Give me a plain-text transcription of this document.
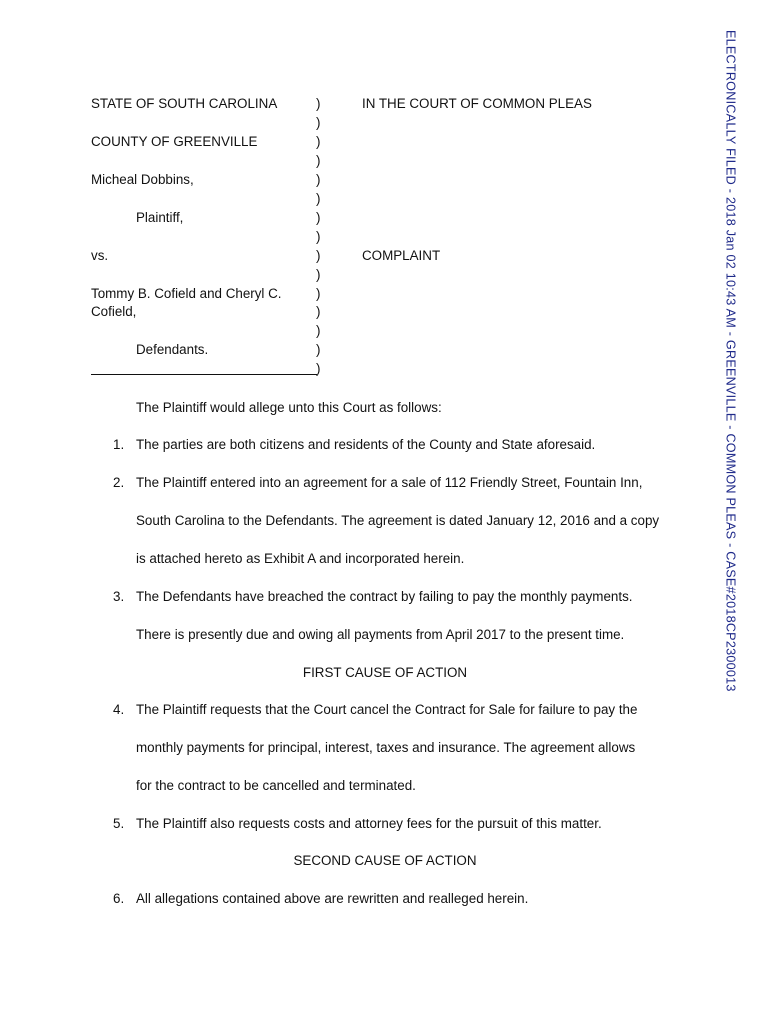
ELECTRONICALLY FILED - 2018 Jan 02 10:43 AM - GREENVILLE - COMMON PLEAS - CASE#2018CP2300013
STATE OF SOUTH CAROLINA	IN THE COURT OF COMMON PLEAS
COUNTY OF GREENVILLE
Micheal Dobbins,
Plaintiff,
vs.	COMPLAINT
Tommy B. Cofield and Cheryl C.
Cofield,
Defendants.
)
)
)
)
)
)
)
)
)
)
)
)
)
)
)
The Plaintiff would allege unto this Court as follows:
1. The parties are both citizens and residents of the County and State aforesaid.
2. The Plaintiff entered into an agreement for a sale of 112 Friendly Street, Fountain Inn,
South Carolina to the Defendants. The agreement is dated January 12, 2016 and a copy
is attached hereto as Exhibit A and incorporated herein.
3. The Defendants have breached the contract by failing to pay the monthly payments.
There is presently due and owing all payments from April 2017 to the present time.
FIRST CAUSE OF ACTION
4. The Plaintiff requests that the Court cancel the Contract for Sale for failure to pay the
monthly payments for principal, interest, taxes and insurance. The agreement allows
for the contract to be cancelled and terminated.
5. The Plaintiff also requests costs and attorney fees for the pursuit of this matter.
SECOND CAUSE OF ACTION
6. All allegations contained above are rewritten and realleged herein.
